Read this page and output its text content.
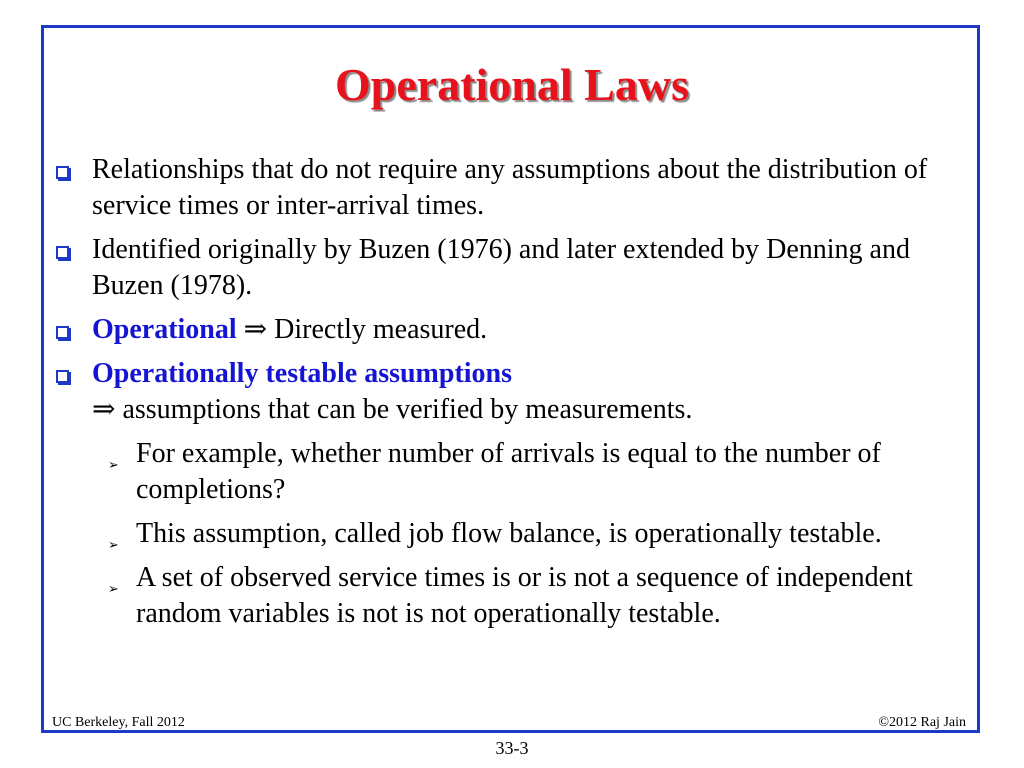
Operational Laws
Relationships that do not require any assumptions about the distribution of service times or inter-arrival times.
Identified originally by Buzen (1976) and later extended by Denning and Buzen (1978).
Operational ⇒ Directly measured.
Operationally testable assumptions
⇒ assumptions that can be verified by measurements.
➢ For example, whether number of arrivals is equal to the number of completions?
➢ This assumption, called job flow balance, is operationally testable.
➢ A set of observed service times is or is not a sequence of independent random variables is not is not operationally testable.
UC Berkeley, Fall 2012	©2012 Raj Jain
33-3
